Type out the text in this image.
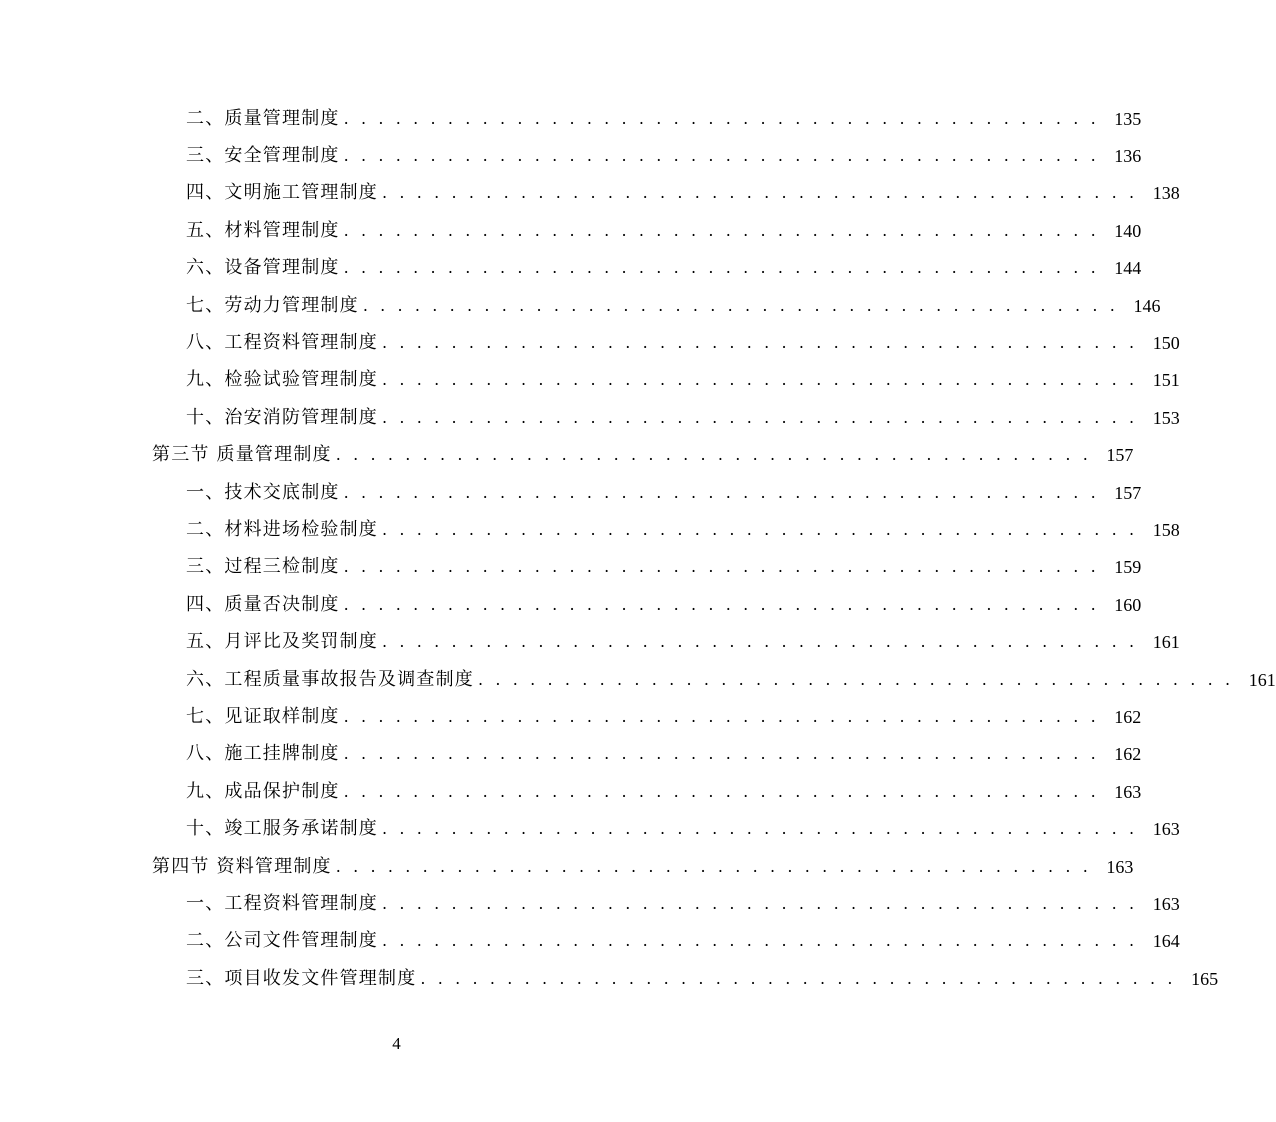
二、质量管理制度 . . . . . . . . . . . . . . . . . . . . . . . . . . . . . . . . . . . . . . . . . . . . 135
三、安全管理制度 . . . . . . . . . . . . . . . . . . . . . . . . . . . . . . . . . . . . . . . . . . . . 136
四、文明施工管理制度 . . . . . . . . . . . . . . . . . . . . . . . . . . . . . . . . . . . . . . . . . . . . 138
五、材料管理制度 . . . . . . . . . . . . . . . . . . . . . . . . . . . . . . . . . . . . . . . . . . . . 140
六、设备管理制度 . . . . . . . . . . . . . . . . . . . . . . . . . . . . . . . . . . . . . . . . . . . . 144
七、劳动力管理制度 . . . . . . . . . . . . . . . . . . . . . . . . . . . . . . . . . . . . . . . . . . . . 146
八、工程资料管理制度 . . . . . . . . . . . . . . . . . . . . . . . . . . . . . . . . . . . . . . . . . . . . 150
九、检验试验管理制度 . . . . . . . . . . . . . . . . . . . . . . . . . . . . . . . . . . . . . . . . . . . . 151
十、治安消防管理制度 . . . . . . . . . . . . . . . . . . . . . . . . . . . . . . . . . . . . . . . . . . . . 153
第三节 质量管理制度 . . . . . . . . . . . . . . . . . . . . . . . . . . . . . . . . . . . . . . . . . . . . 157
一、技术交底制度 . . . . . . . . . . . . . . . . . . . . . . . . . . . . . . . . . . . . . . . . . . . . 157
二、材料进场检验制度 . . . . . . . . . . . . . . . . . . . . . . . . . . . . . . . . . . . . . . . . . . . . 158
三、过程三检制度 . . . . . . . . . . . . . . . . . . . . . . . . . . . . . . . . . . . . . . . . . . . . 159
四、质量否决制度 . . . . . . . . . . . . . . . . . . . . . . . . . . . . . . . . . . . . . . . . . . . . 160
五、月评比及奖罚制度 . . . . . . . . . . . . . . . . . . . . . . . . . . . . . . . . . . . . . . . . . . . . 161
六、工程质量事故报告及调查制度 . . . . . . . . . . . . . . . . . . . . . . . . . . . . . . . . . . . . . . . . . . . . 161
七、见证取样制度 . . . . . . . . . . . . . . . . . . . . . . . . . . . . . . . . . . . . . . . . . . . . 162
八、施工挂牌制度 . . . . . . . . . . . . . . . . . . . . . . . . . . . . . . . . . . . . . . . . . . . . 162
九、成品保护制度 . . . . . . . . . . . . . . . . . . . . . . . . . . . . . . . . . . . . . . . . . . . . 163
十、竣工服务承诺制度 . . . . . . . . . . . . . . . . . . . . . . . . . . . . . . . . . . . . . . . . . . . . 163
第四节 资料管理制度 . . . . . . . . . . . . . . . . . . . . . . . . . . . . . . . . . . . . . . . . . . . . 163
一、工程资料管理制度 . . . . . . . . . . . . . . . . . . . . . . . . . . . . . . . . . . . . . . . . . . . . 163
二、公司文件管理制度 . . . . . . . . . . . . . . . . . . . . . . . . . . . . . . . . . . . . . . . . . . . . 164
三、项目收发文件管理制度 . . . . . . . . . . . . . . . . . . . . . . . . . . . . . . . . . . . . . . . . . . . . 165
4
